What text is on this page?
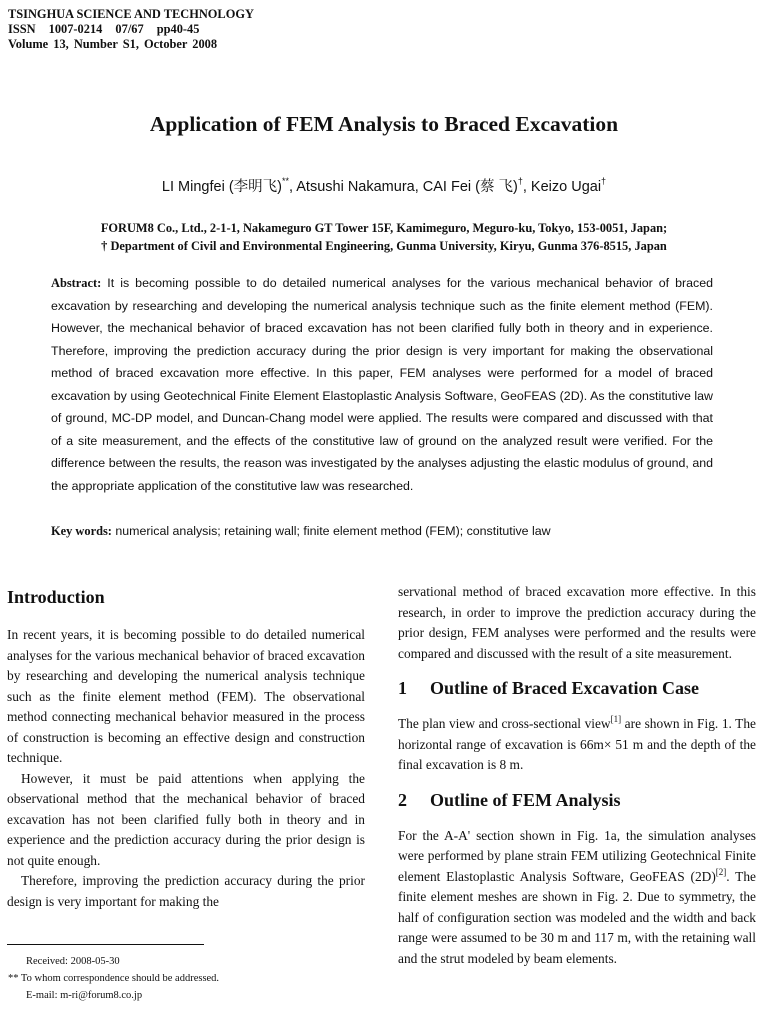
TSINGHUA SCIENCE AND TECHNOLOGY
ISSN 1007-0214 07/67 pp40-45
Volume 13, Number S1, October 2008
Application of FEM Analysis to Braced Excavation
LI Mingfei (李明飞)**, Atsushi Nakamura, CAI Fei (蔡 飞)†, Keizo Ugai†
FORUM8 Co., Ltd., 2-1-1, Nakameguro GT Tower 15F, Kamimeguro, Meguro-ku, Tokyo, 153-0051, Japan;
† Department of Civil and Environmental Engineering, Gunma University, Kiryu, Gunma 376-8515, Japan
Abstract: It is becoming possible to do detailed numerical analyses for the various mechanical behavior of braced excavation by researching and developing the numerical analysis technique such as the finite element method (FEM). However, the mechanical behavior of braced excavation has not been clarified fully both in theory and in experience. Therefore, improving the prediction accuracy during the prior design is very important for making the observational method of braced excavation more effective. In this paper, FEM analyses were performed for a model of braced excavation by using Geotechnical Finite Element Elastoplastic Analysis Software, GeoFEAS (2D). As the constitutive law of ground, MC-DP model, and Duncan-Chang model were applied. The results were compared and discussed with that of a site measurement, and the effects of the constitutive law of ground on the analyzed result were verified. For the difference between the results, the reason was investigated by the analyses adjusting the elastic modulus of ground, and the appropriate application of the constitutive law was researched.
Key words: numerical analysis; retaining wall; finite element method (FEM); constitutive law
Introduction

In recent years, it is becoming possible to do detailed numerical analyses for the various mechanical behavior of braced excavation by researching and developing the numerical analysis technique such as the finite element method (FEM). The observational method connecting mechanical behavior measured in the process of construction is becoming an effective design and construction technique.

However, it must be paid attentions when applying the observational method that the mechanical behavior of braced excavation has not been clarified fully both in theory and in experience and the prediction accuracy during the prior design is not quite enough.

Therefore, improving the prediction accuracy during the prior design is very important for making the

servational method of braced excavation more effective. In this research, in order to improve the prediction accuracy during the prior design, FEM analyses were performed and the results were compared and discussed with the result of a site measurement.

1 Outline of Braced Excavation Case

The plan view and cross-sectional view[1] are shown in Fig. 1. The horizontal range of excavation is 66m× 51 m and the depth of the final excavation is 8 m.

2 Outline of FEM Analysis

For the A-A' section shown in Fig. 1a, the simulation analyses were performed by plane strain FEM utilizing Geotechnical Finite element Elastoplastic Analysis Software, GeoFEAS (2D)[2]. The finite element meshes are shown in Fig. 2. Due to symmetry, the half of configuration section was modeled and the width and back range were assumed to be 30 m and 117 m, with the retaining wall and the strut modeled by beam elements.

Received: 2008-05-30
** To whom correspondence should be addressed.
E-mail: m-ri@forum8.co.jp
